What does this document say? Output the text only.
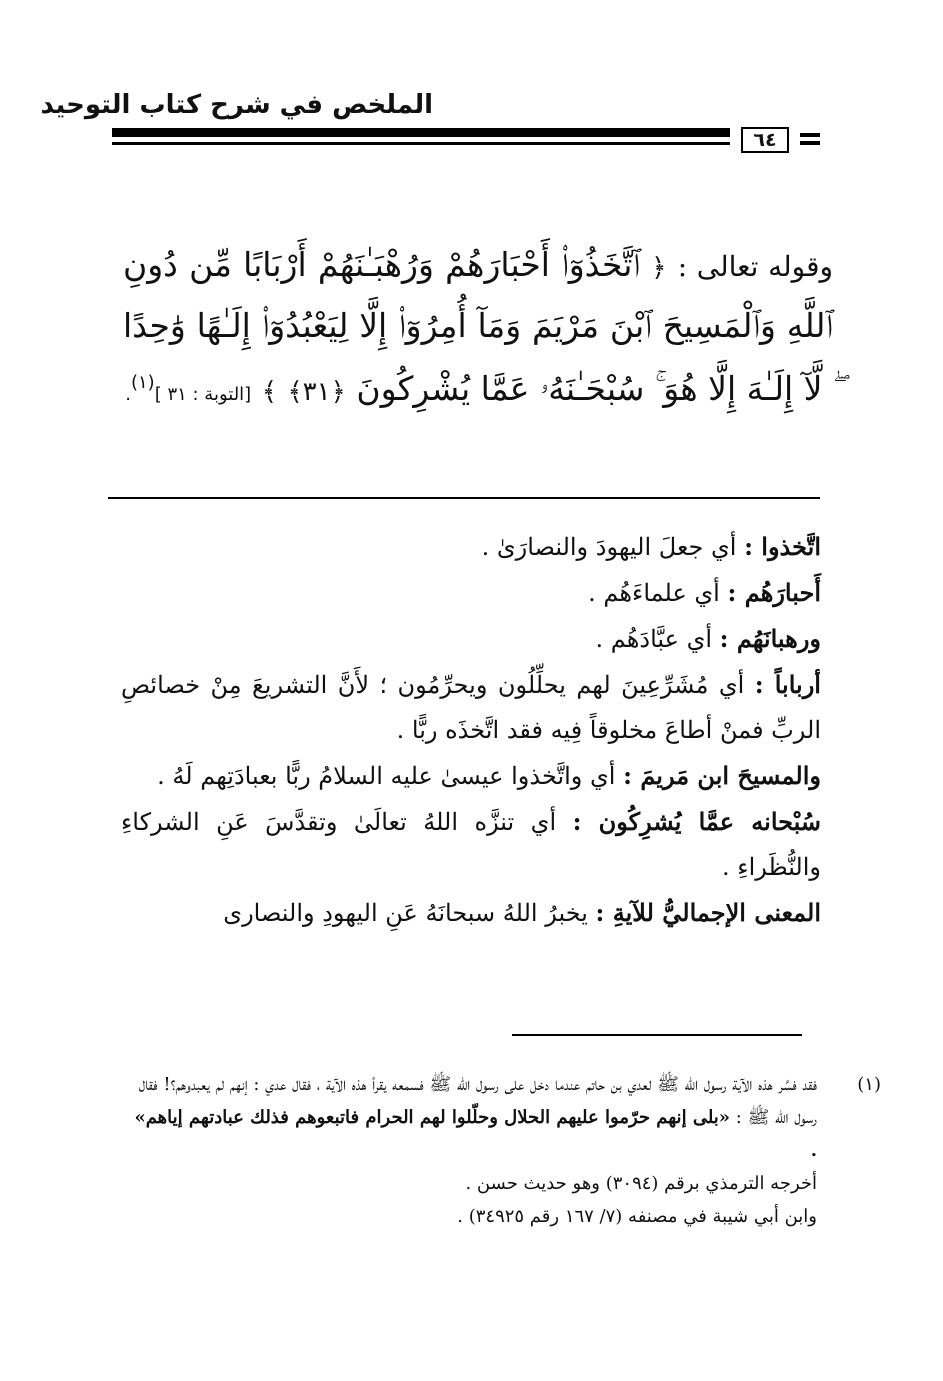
الملخص في شرح كتاب التوحيد
٦٤
وقوله تعالى : ﴿ ٱتَّخَذُوٓا۟ أَحْبَارَهُمْ وَرُهْبَـٰنَهُمْ أَرْبَابًا مِّن دُونِ ٱللَّهِ وَٱلْمَسِيحَ ٱبْنَ مَرْيَمَ وَمَآ أُمِرُوٓا۟ إِلَّا لِيَعْبُدُوٓا۟ إِلَـٰهًا وَٰحِدًا ۖ لَّآ إِلَـٰهَ إِلَّا هُوَ ۚ سُبْحَـٰنَهُۥ عَمَّا يُشْرِكُونَ ﴿٣١﴾ ﴾ [التوبة : ٣١ ]$^{(١)}$.

اتَّخذوا : أي جعلَ اليهودَ والنصارَىٰ .

أَحبارَهُم : أي علماءَهُم .

ورهبانَهُم : أي عبَّادَهُم .

أرباباً : أي مُشَرِّعِينَ لهم يحلِّلُون ويحرِّمُون ؛ لأَنَّ التشريعَ مِنْ خصائصِ الربِّ فمنْ أطاعَ مخلوقاً فِيه فقد اتَّخذَه ربًّا .

والمسيحَ ابن مَريمَ : أي واتَّخذوا عيسىٰ عليه السلامُ ربًّا بعبادَتِهم لَهُ .

سُبْحانه عمَّا يُشرِكُون : أي تنزَّه اللهُ تعالَىٰ وتقدَّسَ عَنِ الشركاءِ والنُّظَراءِ .

المعنى الإجماليُّ للآيةِ : يخبرُ اللهُ سبحانَهُ عَنِ اليهودِ والنصارى

(١)

فقد فسَّر هذه الآية رسول الله ﷺ لعدي بن حاتم عندما دخل على رسول الله ﷺ فسمعه يقرأ هذه الآية ، فقال عدي : إنهم لم يعبدوهم؟! فقال رسول الله ﷺ : «بلى إنهم حرّموا عليهم الحلال وحلّلوا لهم الحرام فاتبعوهم فذلك عبادتهم إياهم» .

أخرجه الترمذي برقم (٣٠٩٤) وهو حديث حسن .

وابن أبي شيبة في مصنفه (٧/ ١٦٧ رقم ٣٤٩٢٥) .
